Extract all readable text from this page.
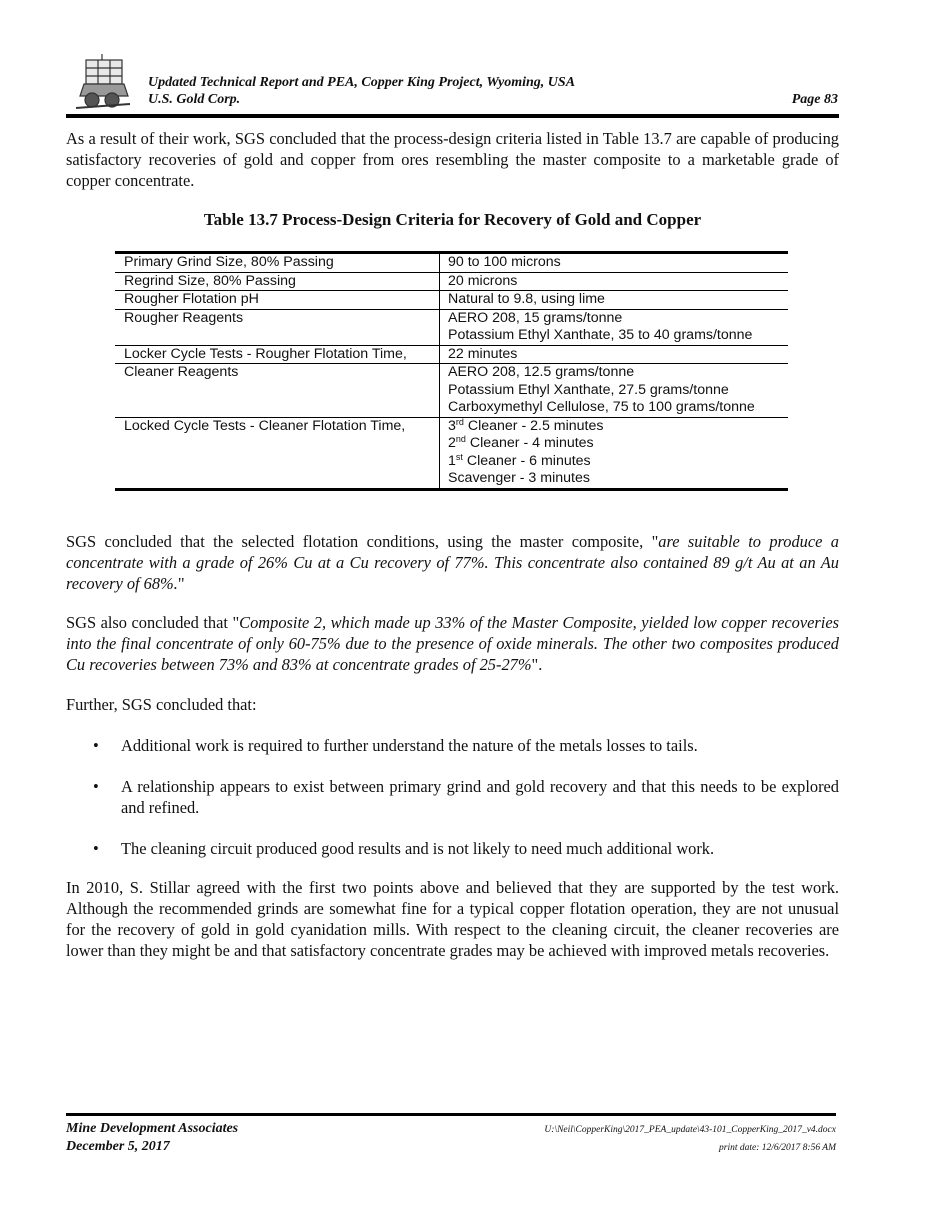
Updated Technical Report and PEA, Copper King Project, Wyoming, USA
U.S. Gold Corp.	Page 83
As a result of their work, SGS concluded that the process-design criteria listed in Table 13.7 are capable of producing satisfactory recoveries of gold and copper from ores resembling the master composite to a marketable grade of copper concentrate.
Table 13.7 Process-Design Criteria for Recovery of Gold and Copper
Primary Grind Size, 80% Passing	90 to 100 microns

Regrind Size, 80% Passing	20 microns

Rougher Flotation pH	Natural to 9.8, using lime

Rougher Reagents	AERO 208, 15 grams/tonne
Potassium Ethyl Xanthate, 35 to 40 grams/tonne

Locker Cycle Tests - Rougher Flotation Time,	22 minutes

Cleaner Reagents	AERO 208, 12.5 grams/tonne
Potassium Ethyl Xanthate, 27.5 grams/tonne
Carboxymethyl Cellulose, 75 to 100 grams/tonne

Locked Cycle Tests - Cleaner Flotation Time,	3rd Cleaner - 2.5 minutes
2nd Cleaner - 4 minutes
1st Cleaner - 6 minutes
Scavenger - 3 minutes
SGS concluded that the selected flotation conditions, using the master composite, "are suitable to produce a concentrate with a grade of 26% Cu at a Cu recovery of 77%. This concentrate also contained 89 g/t Au at an Au recovery of 68%."
SGS also concluded that "Composite 2, which made up 33% of the Master Composite, yielded low copper recoveries into the final concentrate of only 60-75% due to the presence of oxide minerals. The other two composites produced Cu recoveries between 73% and 83% at concentrate grades of 25-27%".
Further, SGS concluded that:
• Additional work is required to further understand the nature of the metals losses to tails.
• A relationship appears to exist between primary grind and gold recovery and that this needs to be explored and refined.
• The cleaning circuit produced good results and is not likely to need much additional work.
In 2010, S. Stillar agreed with the first two points above and believed that they are supported by the test work. Although the recommended grinds are somewhat fine for a typical copper flotation operation, they are not unusual for the recovery of gold in gold cyanidation mills. With respect to the cleaning circuit, the cleaner recoveries are lower than they might be and that satisfactory concentrate grades may be achieved with improved metals recoveries.
Mine Development Associates
December 5, 2017
U:\Neil\CopperKing\2017_PEA_update\43-101_CopperKing_2017_v4.docx
print date: 12/6/2017 8:56 AM
